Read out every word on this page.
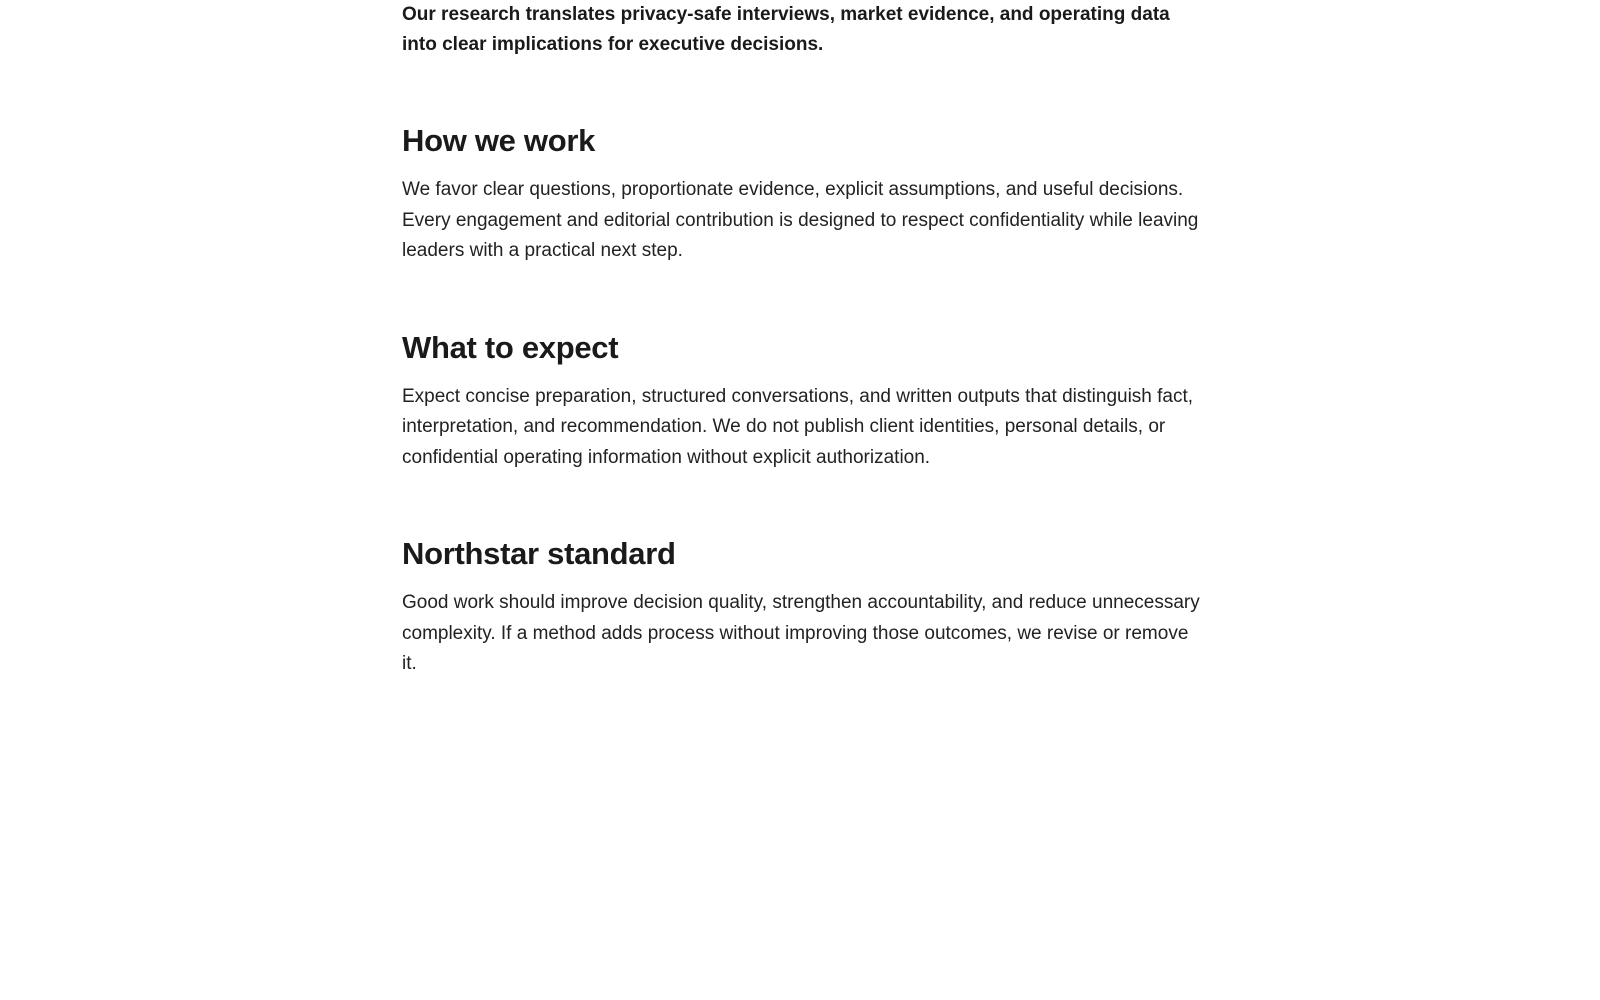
Our research translates privacy-safe interviews, market evidence, and operating data into clear implications for executive decisions.

How we work

We favor clear questions, proportionate evidence, explicit assumptions, and useful decisions. Every engagement and editorial contribution is designed to respect confidentiality while leaving leaders with a practical next step.

What to expect

Expect concise preparation, structured conversations, and written outputs that distinguish fact, interpretation, and recommendation. We do not publish client identities, personal details, or confidential operating information without explicit authorization.

Northstar standard

Good work should improve decision quality, strengthen accountability, and reduce unnecessary complexity. If a method adds process without improving those outcomes, we revise or remove it.
